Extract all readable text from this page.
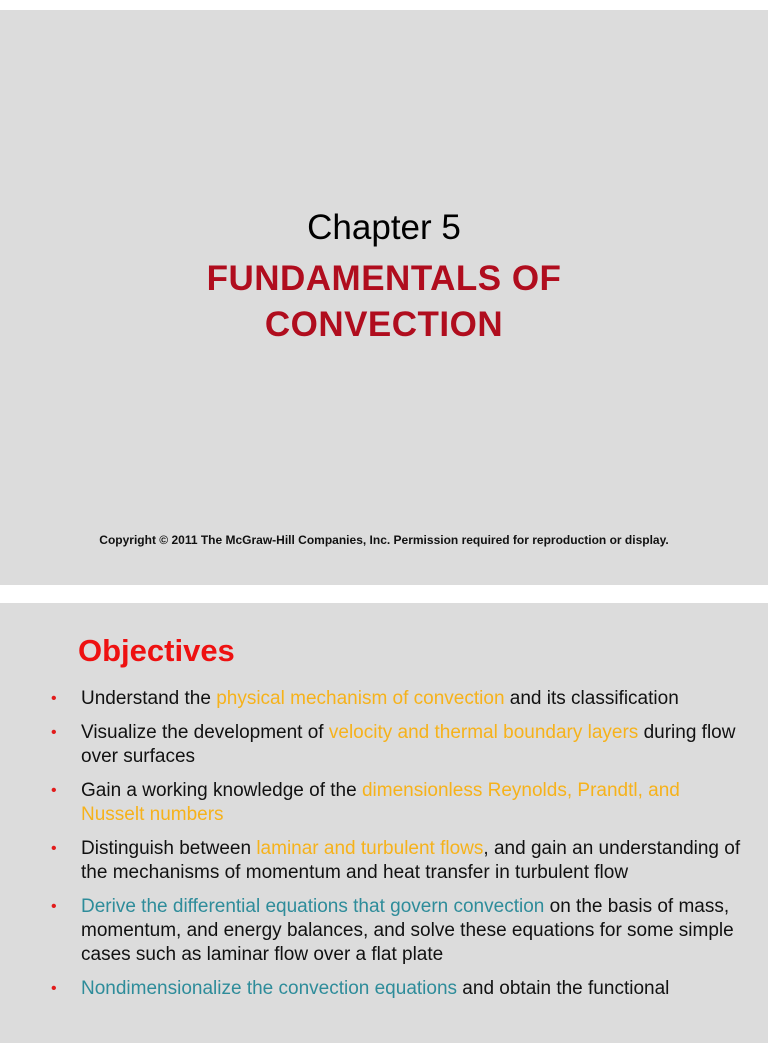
Chapter 5
FUNDAMENTALS OF
CONVECTION
Copyright © 2011 The McGraw-Hill Companies, Inc. Permission required for reproduction or display.
Objectives
• Understand the physical mechanism of convection and its classification
• Visualize the development of velocity and thermal boundary layers during flow over surfaces
• Gain a working knowledge of the dimensionless Reynolds, Prandtl, and Nusselt numbers
• Distinguish between laminar and turbulent flows, and gain an understanding of the mechanisms of momentum and heat transfer in turbulent flow
• Derive the differential equations that govern convection on the basis of mass, momentum, and energy balances, and solve these equations for some simple cases such as laminar flow over a flat plate
• Nondimensionalize the convection equations and obtain the functional
